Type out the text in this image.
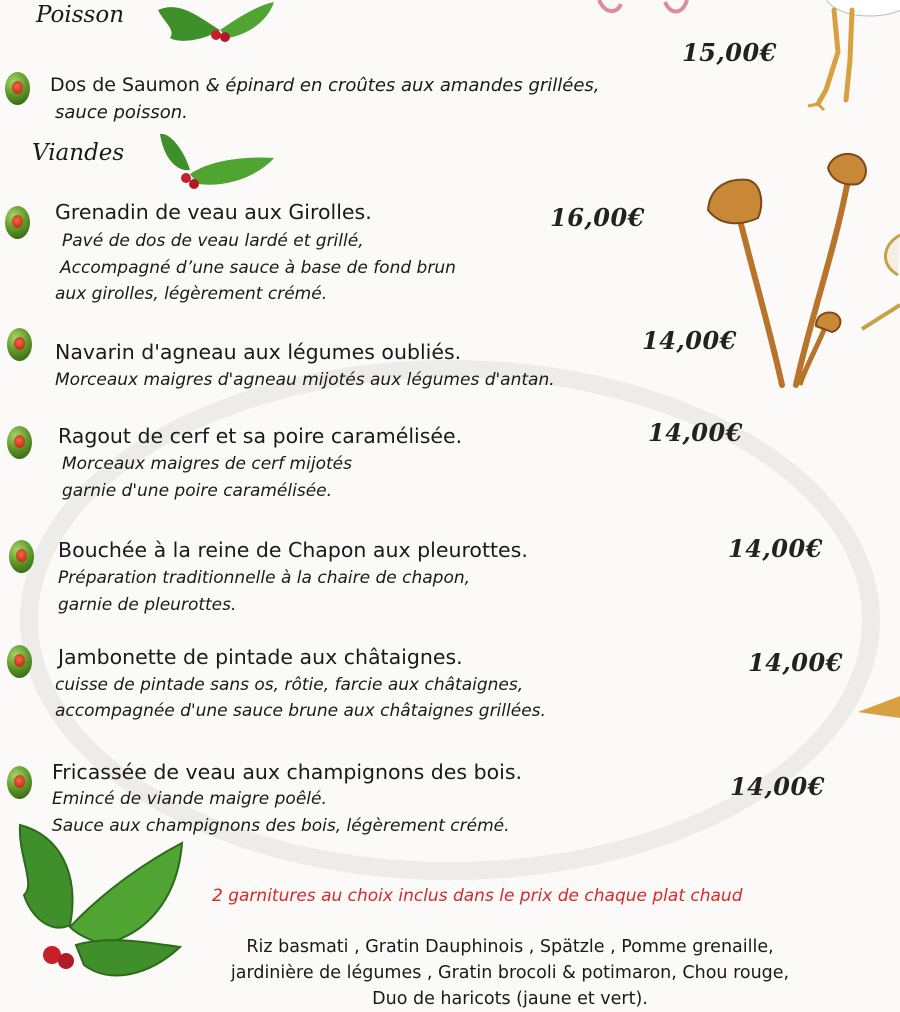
Poisson
15,00€
Dos de Saumon & épinard en croûtes aux amandes grillées,
sauce poisson.
Viandes
Grenadin de veau aux Girolles.	16,00€
Pavé de dos de veau lardé et grillé,
Accompagné d’une sauce à base de fond brun
aux girolles, légèrement crémé.
Navarin d'agneau aux légumes oubliés.	14,00€
Morceaux maigres d'agneau mijotés aux légumes d'antan.
Ragout de cerf et sa poire caramélisée.	14,00€
Morceaux maigres de cerf mijotés
garnie d'une poire caramélisée.
Bouchée à la reine de Chapon aux pleurottes.	14,00€
Préparation traditionnelle à la chaire de chapon,
garnie de pleurottes.
Jambonette de pintade aux châtaignes.	14,00€
cuisse de pintade sans os, rôtie, farcie aux châtaignes,
accompagnée d'une sauce brune aux châtaignes grillées.
Fricassée de veau aux champignons des bois.	14,00€
Emincé de viande maigre poêlé.
Sauce aux champignons des bois, légèrement crémé.
2 garnitures au choix inclus dans le prix de chaque plat chaud
Riz basmati , Gratin Dauphinois , Spätzle , Pomme grenaille,
jardinière de légumes , Gratin brocoli & potimaron, Chou rouge,
Duo de haricots (jaune et vert).
